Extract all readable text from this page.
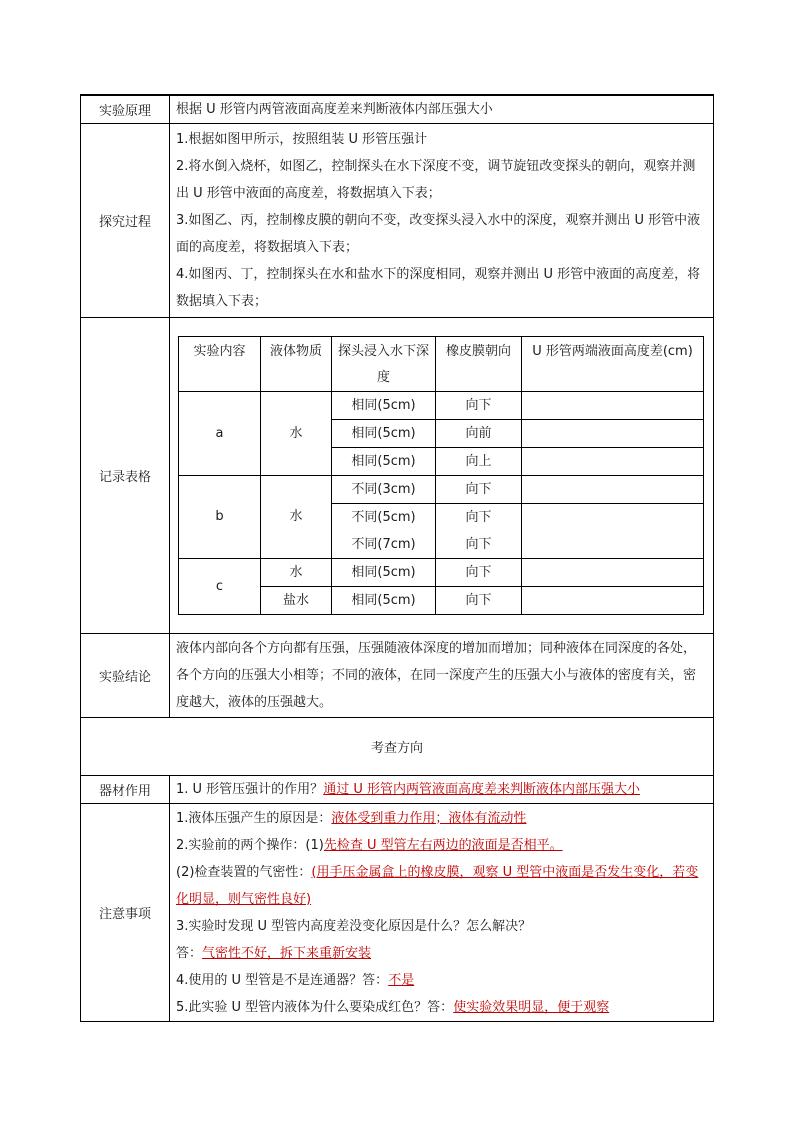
实验原理	根据 U 形管内两管液面高度差来判断液体内部压强大小
探究过程	

1.根据如图甲所示，按照组装 U 形管压强计

2.将水倒入烧杯，如图乙，控制探头在水下深度不变，调节旋钮改变探头的朝向，观察并测出 U 形管中液面的高度差，将数据填入下表；

3.如图乙、丙，控制橡皮膜的朝向不变，改变探头浸入水中的深度，观察并测出 U 形管中液面的高度差，将数据填入下表；

4.如图丙、丁，控制探头在水和盐水下的深度相同，观察并测出 U 形管中液面的高度差，将数据填入下表；

记录表格	
实验内容	液体物质	探头浸入水下深度	橡皮膜朝向	U 形管两端液面高度差(cm)
a	水	相同(5cm)	向下	
相同(5cm)	向前	
相同(5cm)	向上	
b	水	不同(3cm)	向下	
不同(5cm)	向下	
不同(7cm)	向下
c	水	相同(5cm)	向下	
盐水	相同(5cm)	向下	

实验结论	液体内部向各个方向都有压强，压强随液体深度的增加而增加；同种液体在同深度的各处，各个方向的压强大小相等；不同的液体，在同一深度产生的压强大小与液体的密度有关，密度越大，液体的压强越大。
考查方向
器材作用	1. U 形管压强计的作用？通过 U 形管内两管液面高度差来判断液体内部压强大小
注意事项	

1.液体压强产生的原因是：液体受到重力作用；液体有流动性

2.实验前的两个操作：(1)先检查 U 型管左右两边的液面是否相平。

(2)检查装置的气密性：(用手压金属盒上的橡皮膜，观察 U 型管中液面是否发生变化，若变化明显，则气密性良好)

3.实验时发现 U 型管内高度差没变化原因是什么？怎么解决？

答：气密性不好，拆下来重新安装

4.使用的 U 型管是不是连通器？答：不是

5.此实验 U 型管内液体为什么要染成红色？答：使实验效果明显，便于观察
